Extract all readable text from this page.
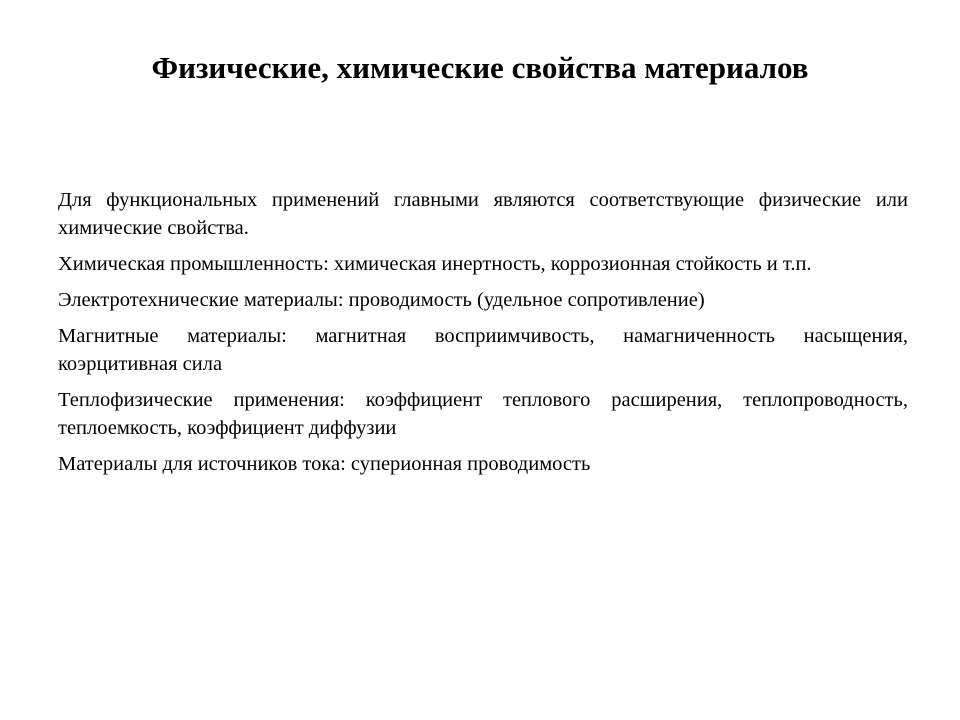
Физические, химические свойства материалов

Для функциональных применений главными являются соответствующие физические или химические свойства.

Химическая промышленность: химическая инертность, коррозионная стойкость и т.п.

Электротехнические материалы: проводимость (удельное сопротивление)

Магнитные материалы: магнитная восприимчивость, намагниченность насыщения, коэрцитивная сила

Теплофизические применения: коэффициент теплового расширения, теплопроводность, теплоемкость, коэффициент диффузии

Материалы для источников тока: суперионная проводимость
